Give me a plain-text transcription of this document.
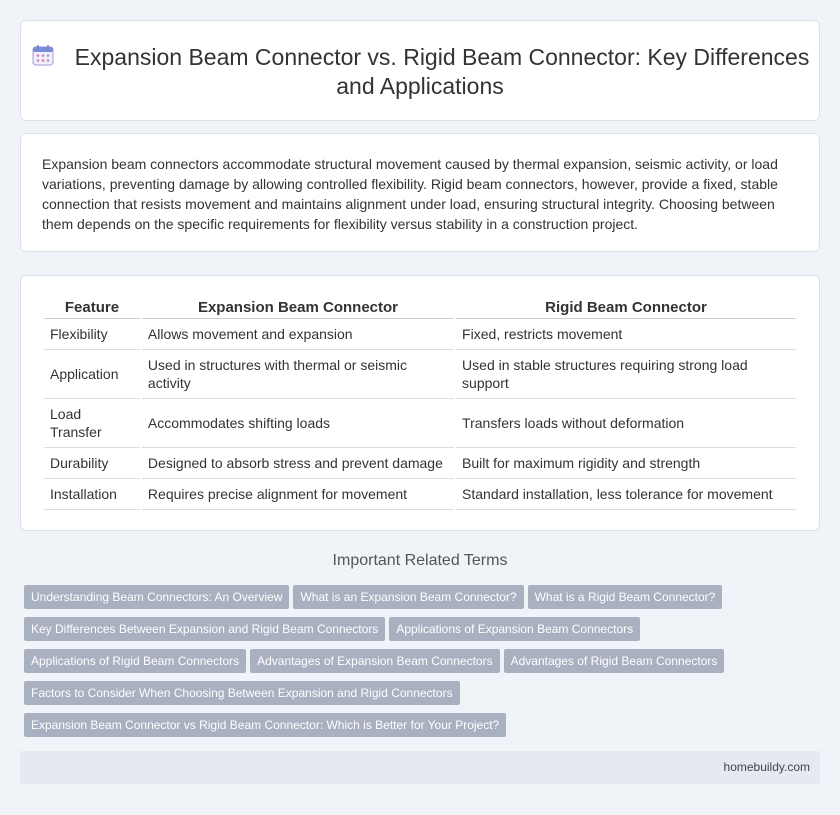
Expansion Beam Connector vs. Rigid Beam Connector: Key Differences and Applications

Expansion beam connectors accommodate structural movement caused by thermal expansion, seismic activity, or load variations, preventing damage by allowing controlled flexibility. Rigid beam connectors, however, provide a fixed, stable connection that resists movement and maintains alignment under load, ensuring structural integrity. Choosing between them depends on the specific requirements for flexibility versus stability in a construction project.

Feature	Expansion Beam Connector	Rigid Beam Connector
Flexibility	Allows movement and expansion	Fixed, restricts movement
Application	Used in structures with thermal or seismic activity	Used in stable structures requiring strong load support
Load Transfer	Accommodates shifting loads	Transfers loads without deformation
Durability	Designed to absorb stress and prevent damage	Built for maximum rigidity and strength
Installation	Requires precise alignment for movement	Standard installation, less tolerance for movement
Important Related Terms
Understanding Beam Connectors: An Overview What is an Expansion Beam Connector? What is a Rigid Beam Connector?
Key Differences Between Expansion and Rigid Beam Connectors Applications of Expansion Beam Connectors
Applications of Rigid Beam Connectors Advantages of Expansion Beam Connectors Advantages of Rigid Beam Connectors
Factors to Consider When Choosing Between Expansion and Rigid Connectors
Expansion Beam Connector vs Rigid Beam Connector: Which is Better for Your Project?
homebuildy.com
